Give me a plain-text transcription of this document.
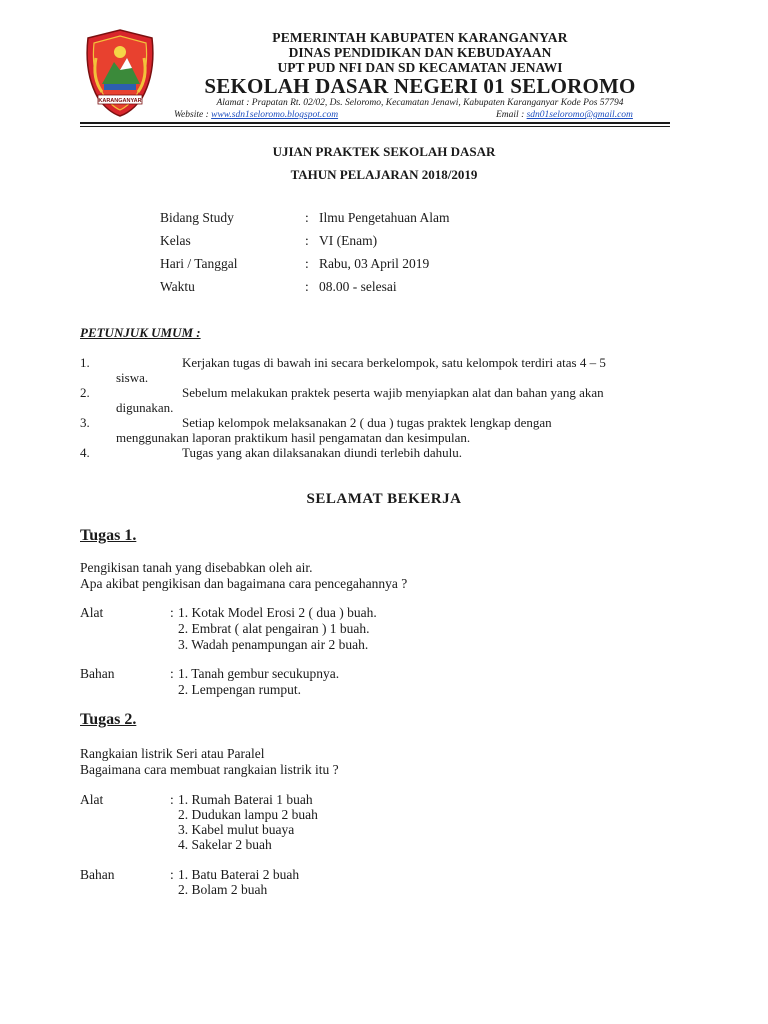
KARANGANYAR
PEMERINTAH KABUPATEN KARANGANYAR
DINAS PENDIDIKAN DAN KEBUDAYAAN
UPT PUD NFI DAN SD KECAMATAN JENAWI
SEKOLAH DASAR NEGERI 01 SELOROMO
Alamat : Prapatan Rt. 02/02, Ds. Seloromo, Kecamatan Jenawi, Kabupaten Karanganyar Kode Pos 57794
Website : www.sdn1seloromo.blogspot.com	Email : sdn01seloromo@gmail.com
UJIAN PRAKTEK SEKOLAH DASAR
TAHUN PELAJARAN 2018/2019
Bidang Study	: Ilmu Pengetahuan Alam
Kelas	: VI (Enam)
Hari / Tanggal	: Rabu, 03 April 2019
Waktu	: 08.00 - selesai
PETUNJUK UMUM :
1.	Kerjakan tugas di bawah ini secara berkelompok, satu kelompok terdiri atas 4 – 5
siswa.
2.	Sebelum melakukan praktek peserta wajib menyiapkan alat dan bahan yang akan
digunakan.
3.	Setiap kelompok melaksanakan 2 ( dua ) tugas praktek lengkap dengan
menggunakan laporan praktikum hasil pengamatan dan kesimpulan.
4.	Tugas yang akan dilaksanakan diundi terlebih dahulu.
SELAMAT BEKERJA
Tugas 1.
Pengikisan tanah yang disebabkan oleh air.
Apa akibat pengikisan dan bagaimana cara pencegahannya ?
Alat	: 1. Kotak Model Erosi 2 ( dua ) buah.
2. Embrat ( alat pengairan ) 1 buah.
3. Wadah penampungan air 2 buah.
Bahan	: 1. Tanah gembur secukupnya.
2. Lempengan rumput.
Tugas 2.
Rangkaian listrik Seri atau Paralel
Bagaimana cara membuat rangkaian listrik itu ?
Alat	: 1. Rumah Baterai 1 buah
2. Dudukan lampu 2 buah
3. Kabel mulut buaya
4. Sakelar 2 buah
Bahan	: 1. Batu Baterai 2 buah
2. Bolam 2 buah
